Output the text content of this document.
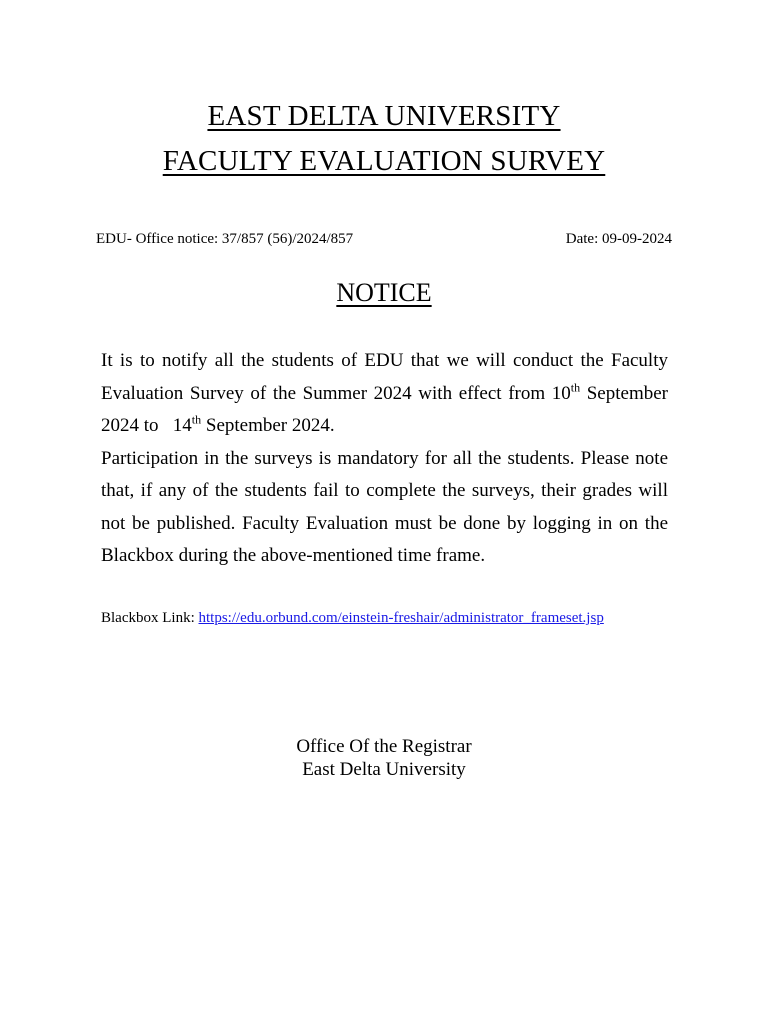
EAST DELTA UNIVERSITY
FACULTY EVALUATION SURVEY
EDU- Office notice: 37/857 (56)/2024/857	Date: 09-09-2024
NOTICE

It is to notify all the students of EDU that we will conduct the Faculty Evaluation Survey of the Summer 2024 with effect from 10th September 2024 to 14th September 2024.

Participation in the surveys is mandatory for all the students. Please note that, if any of the students fail to complete the surveys, their grades will not be published. Faculty Evaluation must be done by logging in on the Blackbox during the above-mentioned time frame.

Blackbox Link: https://edu.orbund.com/einstein-freshair/administrator_frameset.jsp
Office Of the Registrar
East Delta University
